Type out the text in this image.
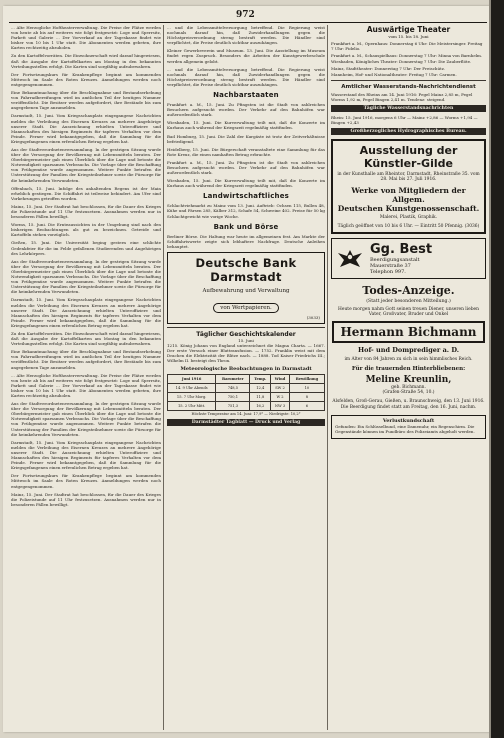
972

... Alte Herzogliche Hoftheaterverwaltung. Die Preise der Plätze werden von heute ab bis auf weiteres wie folgt festgesetzt: Loge und Sperrsitz, Parkett und Galerie ... Der Vorverkauf an der Tageskasse findet wie bisher von 10 bis 1 Uhr statt. Die Abonnenten werden gebeten, ihre Karten rechtzeitig abzuholen.

Zu den Kartoffelvorräten. Die Einwohnerschaft wird darauf hingewiesen, daß die Ausgabe der Kartoffelkarten am Montag in den bekannten Verteilungsstellen erfolgt. Die Karten sind sorgfältig aufzubewahren.

Der Fortsetzungskurs für Krankenpflege beginnt am kommenden Mittwoch im Saale des Roten Kreuzes. Anmeldungen werden noch entgegengenommen.

Eine Bekanntmachung über die Beschlagnahme und Bestandserhebung von Fahrradbereifungen wird im amtlichen Teil der heutigen Nummer veröffentlicht. Die Besitzer werden aufgefordert, ihre Bestände bis zum angegebenen Tage anzumelden.

Darmstadt, 15. Juni. Vom Kriegsschauplatz eingegangene Nachrichten melden die Verleihung des Eisernen Kreuzes an mehrere Angehörige unserer Stadt. Die Auszeichnung erhielten Unteroffiziere und Mannschaften des hiesigen Regiments für tapferes Verhalten vor dem Feinde. Ferner wird bekanntgegeben, daß die Sammlung für die Kriegsgefangenen einen erfreulichen Betrag ergeben hat.

Aus der Stadtverordnetenversammlung. In der gestrigen Sitzung wurde über die Versorgung der Bevölkerung mit Lebensmitteln beraten. Der Oberbürgermeister gab einen Überblick über die Lage und betonte die Notwendigkeit sparsamen Verbrauchs. Die Vorlage über die Beschaffung von Frühgemüse wurde angenommen. Weitere Punkte betrafen die Unterstützung der Familien der Kriegsteilnehmer sowie die Fürsorge für die heimkehrenden Verwundeten.

Offenbach, 15. Juni. Infolge des anhaltenden Regens ist der Main erheblich gestiegen. Die Schiffahrt ist teilweise behindert. Am Ufer sind Vorkehrungen getroffen worden.

Mainz, 15. Juni. Der Stadtrat hat beschlossen, für die Dauer des Krieges die Polizeistunde auf 11 Uhr festzusetzen. Ausnahmen werden nur in besonderen Fällen bewilligt.

Worms, 15. Juni. Die Ernteaussichten in der Umgebung sind nach den bisherigen Beobachtungen als gut zu bezeichnen. Getreide und Kartoffeln stehen vorzüglich.

Gießen, 15. Juni. Die Universität beging gestern eine schlichte Gedenkfeier für die im Felde gefallenen Studierenden und Angehörigen des Lehrkörpers.

Aus der Stadtverordnetenversammlung. In der gestrigen Sitzung wurde über die Versorgung der Bevölkerung mit Lebensmitteln beraten. Der Oberbürgermeister gab einen Überblick über die Lage und betonte die Notwendigkeit sparsamen Verbrauchs. Die Vorlage über die Beschaffung von Frühgemüse wurde angenommen. Weitere Punkte betrafen die Unterstützung der Familien der Kriegsteilnehmer sowie die Fürsorge für die heimkehrenden Verwundeten.

Darmstadt, 15. Juni. Vom Kriegsschauplatz eingegangene Nachrichten melden die Verleihung des Eisernen Kreuzes an mehrere Angehörige unserer Stadt. Die Auszeichnung erhielten Unteroffiziere und Mannschaften des hiesigen Regiments für tapferes Verhalten vor dem Feinde. Ferner wird bekanntgegeben, daß die Sammlung für die Kriegsgefangenen einen erfreulichen Betrag ergeben hat.

Zu den Kartoffelvorräten. Die Einwohnerschaft wird darauf hingewiesen, daß die Ausgabe der Kartoffelkarten am Montag in den bekannten Verteilungsstellen erfolgt. Die Karten sind sorgfältig aufzubewahren.

Eine Bekanntmachung über die Beschlagnahme und Bestandserhebung von Fahrradbereifungen wird im amtlichen Teil der heutigen Nummer veröffentlicht. Die Besitzer werden aufgefordert, ihre Bestände bis zum angegebenen Tage anzumelden.

... Alte Herzogliche Hoftheaterverwaltung. Die Preise der Plätze werden von heute ab bis auf weiteres wie folgt festgesetzt: Loge und Sperrsitz, Parkett und Galerie ... Der Vorverkauf an der Tageskasse findet wie bisher von 10 bis 1 Uhr statt. Die Abonnenten werden gebeten, ihre Karten rechtzeitig abzuholen.

Aus der Stadtverordnetenversammlung. In der gestrigen Sitzung wurde über die Versorgung der Bevölkerung mit Lebensmitteln beraten. Der Oberbürgermeister gab einen Überblick über die Lage und betonte die Notwendigkeit sparsamen Verbrauchs. Die Vorlage über die Beschaffung von Frühgemüse wurde angenommen. Weitere Punkte betrafen die Unterstützung der Familien der Kriegsteilnehmer sowie die Fürsorge für die heimkehrenden Verwundeten.

Darmstadt, 15. Juni. Vom Kriegsschauplatz eingegangene Nachrichten melden die Verleihung des Eisernen Kreuzes an mehrere Angehörige unserer Stadt. Die Auszeichnung erhielten Unteroffiziere und Mannschaften des hiesigen Regiments für tapferes Verhalten vor dem Feinde. Ferner wird bekanntgegeben, daß die Sammlung für die Kriegsgefangenen einen erfreulichen Betrag ergeben hat.

Der Fortsetzungskurs für Krankenpflege beginnt am kommenden Mittwoch im Saale des Roten Kreuzes. Anmeldungen werden noch entgegengenommen.

Mainz, 15. Juni. Der Stadtrat hat beschlossen, für die Dauer des Krieges die Polizeistunde auf 11 Uhr festzusetzen. Ausnahmen werden nur in besonderen Fällen bewilligt.

... und die Lebensmittelversorgung betreffend. Die Regierung weist nochmals darauf hin, daß Zuwiderhandlungen gegen die Höchstpreisverordnung streng bestraft werden. Die Händler sind verpflichtet, die Preise deutlich sichtbar auszuhängen.

Kleiner Gewerbeverein und Museum. 13. Juni. Die Ausstellung im Museum findet regen Zuspruch. Besonders die Arbeiten der Kunstgewerbeschule werden allgemein gelobt.

... und die Lebensmittelversorgung betreffend. Die Regierung weist nochmals darauf hin, daß Zuwiderhandlungen gegen die Höchstpreisverordnung streng bestraft werden. Die Händler sind verpflichtet, die Preise deutlich sichtbar auszuhängen.

Nachbarstaaten

Frankfurt a. M., 15. Juni. Zu Pfingsten ist die Stadt von zahlreichen Besuchern aufgesucht worden. Der Verkehr auf den Bahnhöfen war außerordentlich stark.

Wiesbaden, 15. Juni. Die Kurverwaltung teilt mit, daß die Konzerte im Kurhaus auch während der Kriegszeit regelmäßig stattfinden.

Bad Homburg, 15. Juni. Die Zahl der Kurgäste ist trotz der Zeitverhältnisse befriedigend.

Heidelberg, 15. Juni. Die Bürgerschaft veranstaltete eine Sammlung für das Rote Kreuz, die einen namhaften Betrag erbrachte.

Frankfurt a. M., 15. Juni. Zu Pfingsten ist die Stadt von zahlreichen Besuchern aufgesucht worden. Der Verkehr auf den Bahnhöfen war außerordentlich stark.

Wiesbaden, 15. Juni. Die Kurverwaltung teilt mit, daß die Konzerte im Kurhaus auch während der Kriegszeit regelmäßig stattfinden.

Landwirtschaftliches

Schlachtviehmarkt zu Mainz vom 13. Juni. Auftrieb: Ochsen 115, Bullen 48, Kühe und Färsen 285, Kälber 312, Schafe 54, Schweine 402. Preise für 50 kg Schlachtgewicht wie vorige Woche.

Bank und Börse

Berliner Börse. Die Haltung war heute im allgemeinen fest. Am Markte der Schiffahrtswerte zeigte sich lebhaftere Nachfrage. Deutsche Anleihen behauptet.

Deutsche Bank Darmstadt
Aufbewahrung und Verwaltung
von Wertpapieren.
(3033)
Täglicher Geschichtskalender
15. Juni

1215. König Johann von England unterzeichnet die Magna Charta. — 1667. Der erste Versuch einer Bluttransfusion. — 1752. Franklin weist mit dem Drachen die Elektrizität der Blitze nach. — 1888. Tod Kaiser Friedrichs III.; Wilhelm II. besteigt den Thron.

Meteorologische Beobachtungen in Darmstadt
Juni 1916	Barometer	Temp.	Wind	Bewölkung
14. 9 Uhr Abends	748,5	12,4	SW 2	10
15. 7 Uhr Morg.	750,1	11,8	W 2	8
15. 2 Uhr Mitt.	751,3	16,2	NW 3	6
Höchste Temperatur am 14. Juni: 17,9° — Niedrigste: 10,2°
Darmstädter Tagblatt — Druck und Verlag
Auswärtige Theater
vom 15. bis 18. Juni

Frankfurt a. M., Opernhaus: Donnerstag 6 Uhr: Die Meistersinger. Freitag 7 Uhr: Fidelio.

Frankfurt a. M., Schauspielhaus: Donnerstag 7 Uhr: Minna von Barnhelm.

Wiesbaden, Königliches Theater: Donnerstag 7 Uhr: Die Zauberflöte.

Mainz, Stadttheater: Donnerstag 7 Uhr: Der Freischütz.

Mannheim, Hof- und Nationaltheater: Freitag 7 Uhr: Carmen.

Amtlicher Wasserstands-Nachrichtendienst

Wasserstand des Rheins am 14. Juni 1916: Pegel Mainz 2,85 m, Pegel Worms 1,92 m, Pegel Bingen 2,41 m. Tendenz: steigend.

Tägliche Wasserstandsnachrichten

Rhein: 15. Juni 1916, morgens 6 Uhr — Mainz +2,86 — Worms +1,94 — Bingen +2,43

Großherzogliches Hydrographisches Bureau.
Ausstellung der Künstler-Gilde
in der Kunsthalle am Rheintor, Darmstadt, Rheinstraße 35. vom 28. Mai bis 27. Juli 1916.
Werke von Mitgliedern der Allgem.
Deutschen Kunstgenossenschaft.
Malerei, Plastik, Graphik.
Täglich geöffnet von 10 bis 6 Uhr. — Eintritt 50 Pfennig. (3036)
Gg. Best
Beerdigungsanstalt
Mauerstraße 37
Telephon 997.
Todes-Anzeige.
(Statt jeder besonderen Mitteilung.)
Heute morgen nahm Gott seinen treuen Diener, unseren lieben Vater, Großvater, Bruder und Onkel
Hermann Bichmann
Hof- und Domprediger a. D.
im Alter von 84 Jahren zu sich in sein himmlisches Reich.
Für die trauernden Hinterbliebenen:
Meline Kreunlin,
geb. Bichmann.
(Grafen-Straße 54, 10.)
Alsfelden, Groß-Gerau, Gießen, u. Braunschweig, den 13. Juni 1916.
Die Beerdigung findet statt am Freitag, den 16. Juni, nachm.
Verlustkundschaft

Gefunden: Ein Schlüsselbund, eine Damenuhr, ein Regenschirm. Die Gegenstände können im Fundbüro des Polizeiamts abgeholt werden.
